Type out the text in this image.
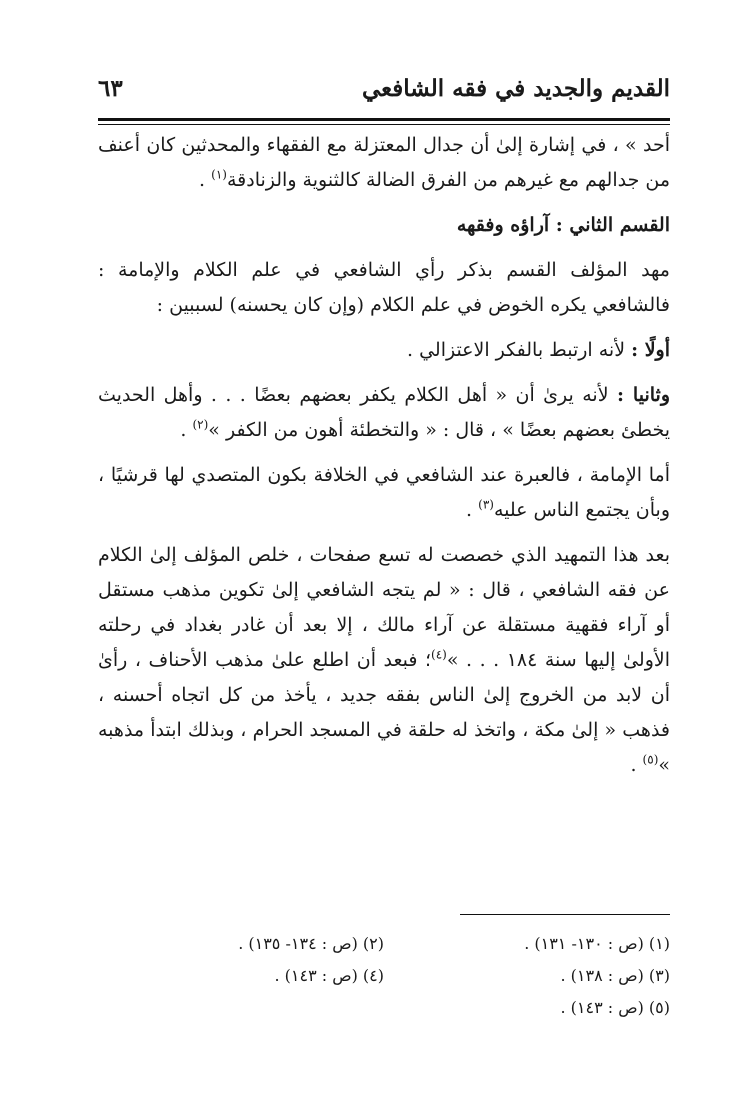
القديم والجديد في فقه الشافعي
٦٣

أحد » ، في إشارة إلىٰ أن جدال المعتزلة مع الفقهاء والمحدثين كان أعنف من جدالهم مع غيرهم من الفرق الضالة كالثنوية والزنادقة$^{(١)}$ .

القسم الثاني : آراؤه وفقهه

مهد المؤلف القسم بذكر رأي الشافعي في علم الكلام والإمامة : فالشافعي يكره الخوض في علم الكلام (وإن كان يحسنه) لسببين :

أولًا : لأنه ارتبط بالفكر الاعتزالي .

وثانيا : لأنه يرىٰ أن « أهل الكلام يكفر بعضهم بعضًا . . . وأهل الحديث يخطئ بعضهم بعضًا » ، قال : « والتخطئة أهون من الكفر »$^{(٢)}$ .

أما الإمامة ، فالعبرة عند الشافعي في الخلافة بكون المتصدي لها قرشيًا ، وبأن يجتمع الناس عليه$^{(٣)}$ .

بعد هذا التمهيد الذي خصصت له تسع صفحات ، خلص المؤلف إلىٰ الكلام عن فقه الشافعي ، قال : « لم يتجه الشافعي إلىٰ تكوين مذهب مستقل أو آراء فقهية مستقلة عن آراء مالك ، إلا بعد أن غادر بغداد في رحلته الأولىٰ إليها سنة ١٨٤ . . . »$^{(٤)}$؛ فبعد أن اطلع علىٰ مذهب الأحناف ، رأىٰ أن لابد من الخروج إلىٰ الناس بفقه جديد ، يأخذ من كل اتجاه أحسنه ، فذهب « إلىٰ مكة ، واتخذ له حلقة في المسجد الحرام ، وبذلك ابتدأ مذهبه »$^{(٥)}$ .

(١) (ص : ١٣٠- ١٣١) .
(٢) (ص : ١٣٤- ١٣٥) .
(٣) (ص : ١٣٨) .
(٤) (ص : ١٤٣) .
(٥) (ص : ١٤٣) .
